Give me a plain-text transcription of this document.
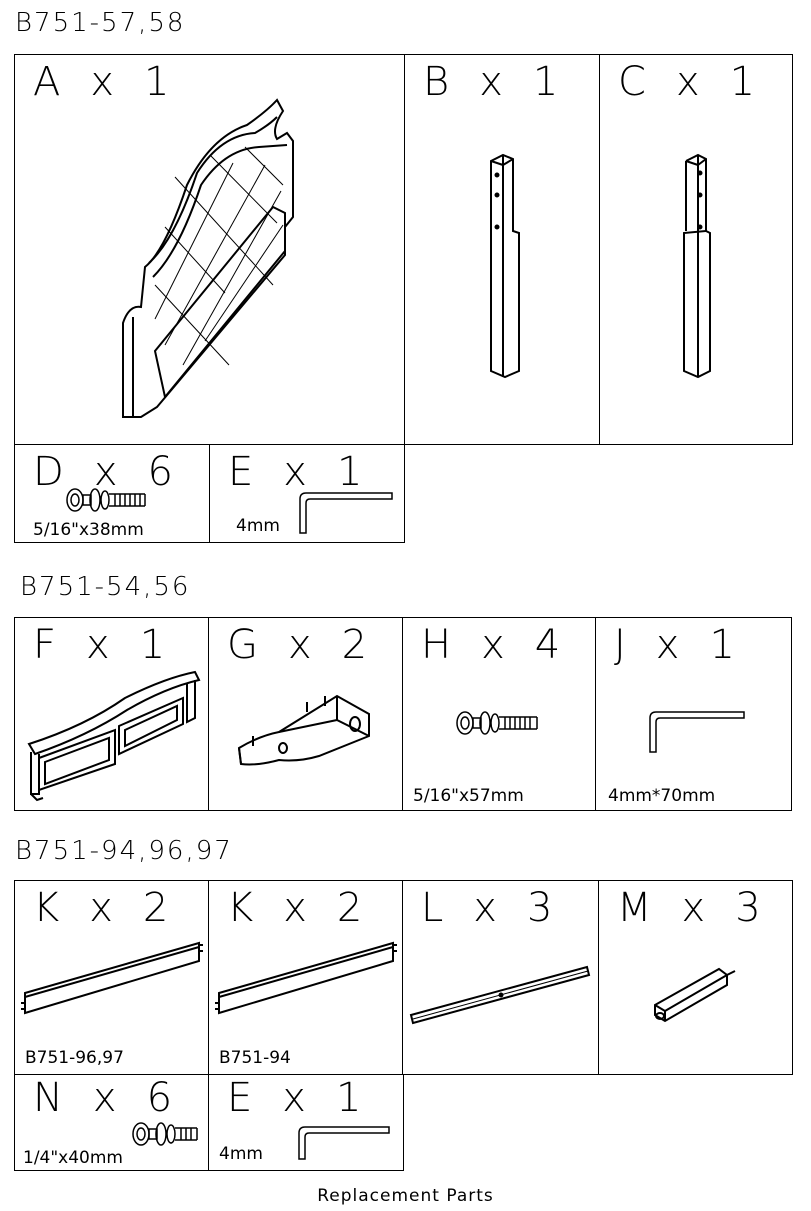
B751-57,58
A x 1	B x 1 C x 1
D x 6
5/16"x38mm
E x 1
4mm
B751-54,56
F x 1 G x 2 H x 4
5/16"x57mm
J x 1
4mm*70mm
B751-94,96,97
K x 2
B751-96,97
K x 2
B751-94
L x 3 M x 3
N x 6
1/4"x40mm
E x 1
4mm
Replacement Parts
